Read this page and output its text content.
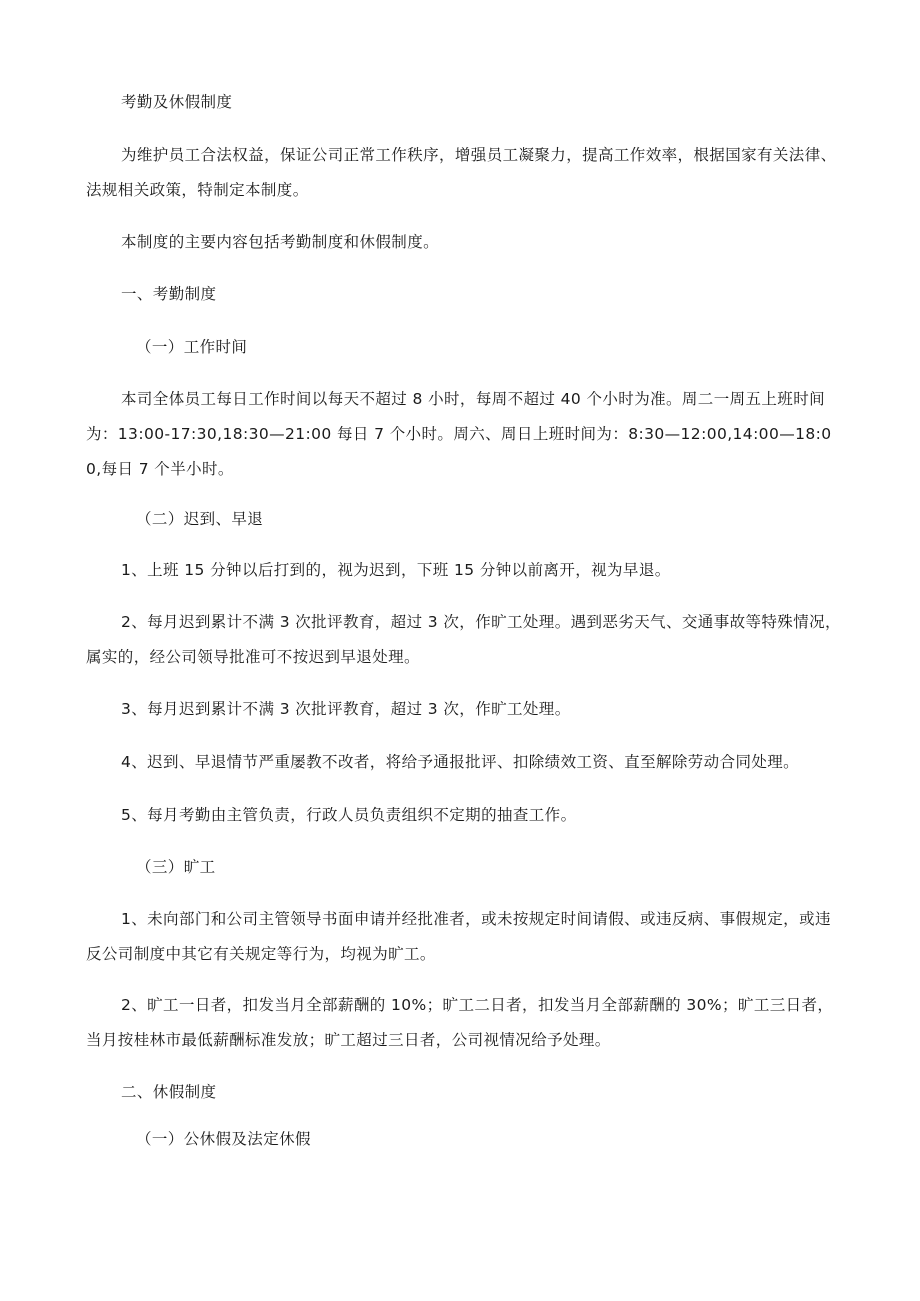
考勤及休假制度

为维护员工合法权益，保证公司正常工作秩序，增强员工凝聚力，提高工作效率，根据国家有关法律、法规相关政策，特制定本制度。

本制度的主要内容包括考勤制度和休假制度。

一、考勤制度

（一）工作时间

本司全体员工每日工作时间以每天不超过 8 小时，每周不超过 40 个小时为准。周二一周五上班时间为：13:00-17:30,18:30—21:00 每日 7 个小时。周六、周日上班时间为：8:30—12:00,14:00—18:00,每日 7 个半小时。

（二）迟到、早退

1、上班 15 分钟以后打到的，视为迟到，下班 15 分钟以前离开，视为早退。

2、每月迟到累计不满 3 次批评教育，超过 3 次，作旷工处理。遇到恶劣天气、交通事故等特殊情况，属实的，经公司领导批准可不按迟到早退处理。

3、每月迟到累计不满 3 次批评教育，超过 3 次，作旷工处理。

4、迟到、早退情节严重屡教不改者，将给予通报批评、扣除绩效工资、直至解除劳动合同处理。

5、每月考勤由主管负责，行政人员负责组织不定期的抽查工作。

（三）旷工

1、未向部门和公司主管领导书面申请并经批准者，或未按规定时间请假、或违反病、事假规定，或违反公司制度中其它有关规定等行为，均视为旷工。

2、旷工一日者，扣发当月全部薪酬的 10%；旷工二日者，扣发当月全部薪酬的 30%；旷工三日者，当月按桂林市最低薪酬标准发放；旷工超过三日者，公司视情况给予处理。

二、休假制度

（一）公休假及法定休假
